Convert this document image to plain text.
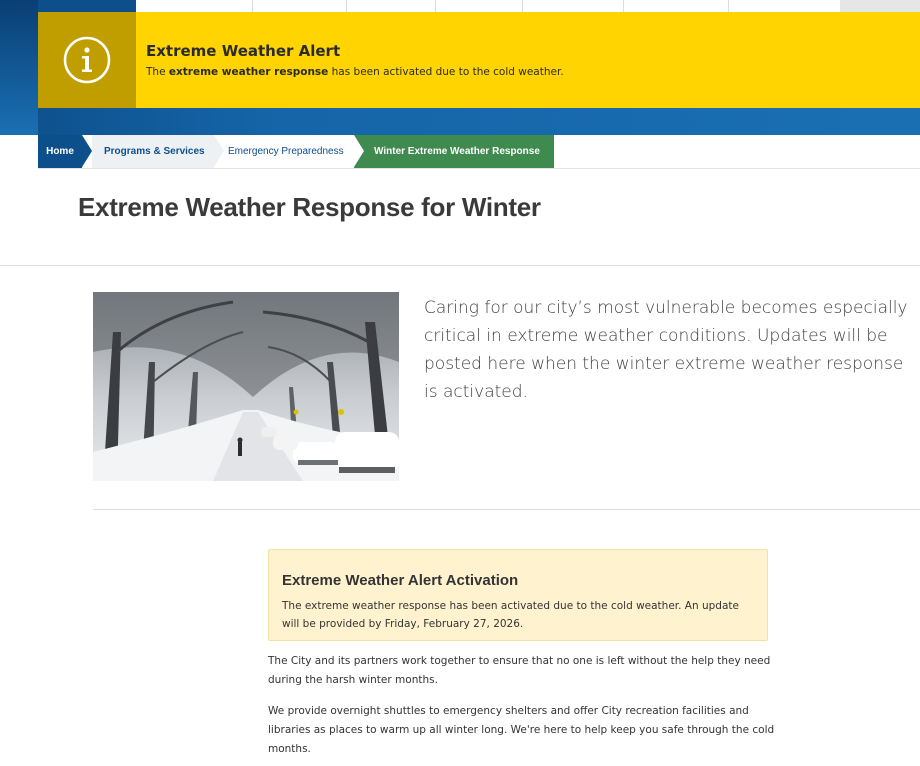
Extreme Weather Alert
The extreme weather response has been activated due to the cold weather.
Home	Programs & Services	Emergency Preparedness	Winter Extreme Weather Response
Extreme Weather Response for Winter

Caring for our city’s most vulnerable becomes especially critical in extreme weather conditions. Updates will be posted here when the winter extreme weather response is activated.

Extreme Weather Alert Activation
The extreme weather response has been activated due to the cold weather. An update will be provided by Friday, February 27, 2026.

The City and its partners work together to ensure that no one is left without the help they need during the harsh winter months.

We provide overnight shuttles to emergency shelters and offer City recreation facilities and libraries as places to warm up all winter long. We're here to help keep you safe through the cold months.
